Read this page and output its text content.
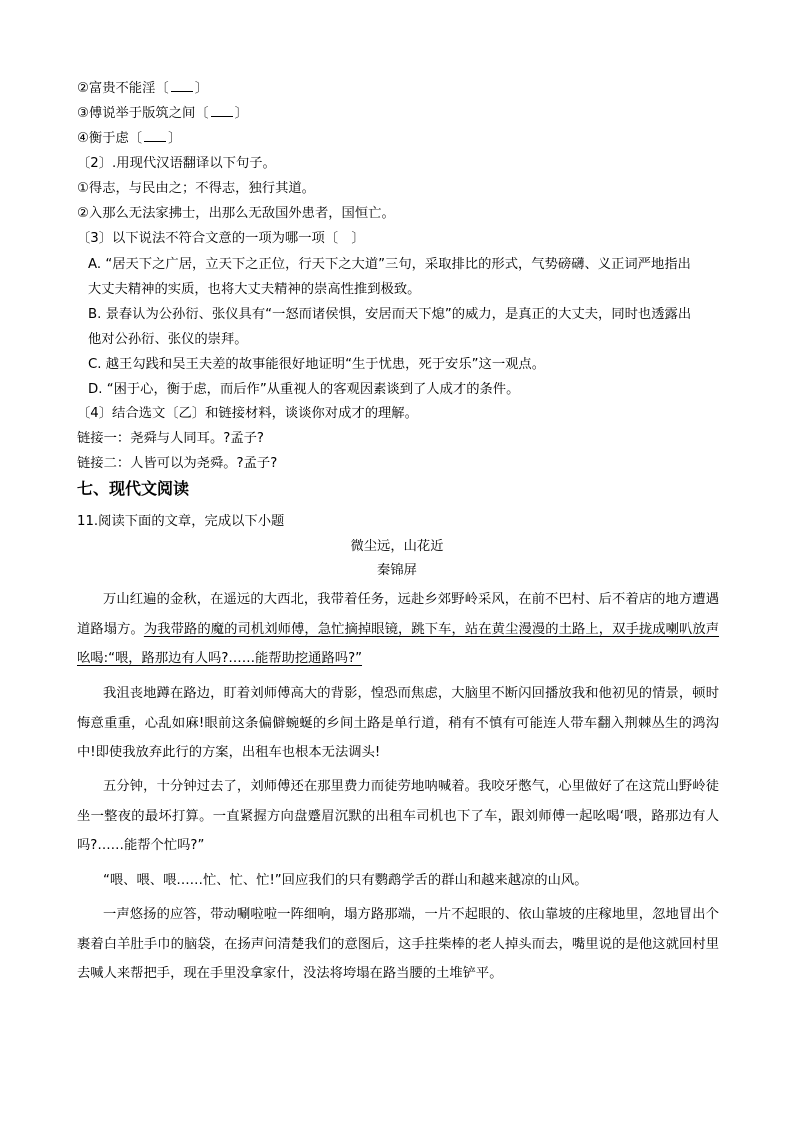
②富贵不能淫〔 〕
③傅说举于版筑之间〔 〕
④衡于虑〔 〕
〔2〕.用现代汉语翻译以下句子。
①得志，与民由之；不得志，独行其道。
②入那么无法家拂士，出那么无敌国外患者，国恒亡。
〔3〕以下说法不符合文意的一项为哪一项〔　〕
A. “居天下之广居，立天下之正位，行天下之大道”三句，采取排比的形式，气势磅礴、义正词严地指出
大丈夫精神的实质，也将大丈夫精神的崇高性推到极致。
B. 景春认为公孙衍、张仪具有“一怒而诸侯惧，安居而天下熄”的威力，是真正的大丈夫，同时也透露出
他对公孙衍、张仪的崇拜。
C. 越王勾践和吴王夫差的故事能很好地证明“生于忧患，死于安乐”这一观点。
D. “困于心，衡于虑，而后作”从重视人的客观因素谈到了人成才的条件。
〔4〕结合选文〔乙〕和链接材料，谈谈你对成才的理解。
链接一：尧舜与人同耳。?孟子?
链接二：人皆可以为尧舜。?孟子?
七、现代文阅读
11.阅读下面的文章，完成以下小题
微尘远，山花近
秦锦屏
万山红遍的金秋，在遥远的大西北，我带着任务，远赴乡郊野岭采风，在前不巴村、后不着店的地方遭遇道路塌方。为我带路的魔的司机刘师傅，急忙摘掉眼镜，跳下车，站在黄尘漫漫的土路上，双手拢成喇叭放声吆喝:“喂，路那边有人吗?……能帮助挖通路吗?”
我沮丧地蹲在路边，盯着刘师傅高大的背影，惶恐而焦虑，大脑里不断闪回播放我和他初见的情景，顿时悔意重重，心乱如麻!眼前这条偏僻蜿蜒的乡间土路是单行道，稍有不慎有可能连人带车翻入荆棘丛生的鸿沟中!即使我放弃此行的方案，出租车也根本无法调头!
五分钟，十分钟过去了，刘师傅还在那里费力而徒劳地呐喊着。我咬牙憋气，心里做好了在这荒山野岭徒坐一整夜的最坏打算。一直紧握方向盘蹙眉沉默的出租车司机也下了车，跟刘师傅一起吆喝‘喂，路那边有人吗?……能帮个忙吗?”
“喂、喂、喂……忙、忙、忙!”回应我们的只有鹦鹉学舌的群山和越来越凉的山风。
一声悠扬的应答，带动唰啦啦一阵细响，塌方路那端，一片不起眼的、依山靠坡的庄稼地里，忽地冒出个裹着白羊肚手巾的脑袋，在扬声问清楚我们的意图后，这手拄柴棒的老人掉头而去，嘴里说的是他这就回村里去喊人来帮把手，现在手里没拿家什，没法将垮塌在路当腰的土堆铲平。
